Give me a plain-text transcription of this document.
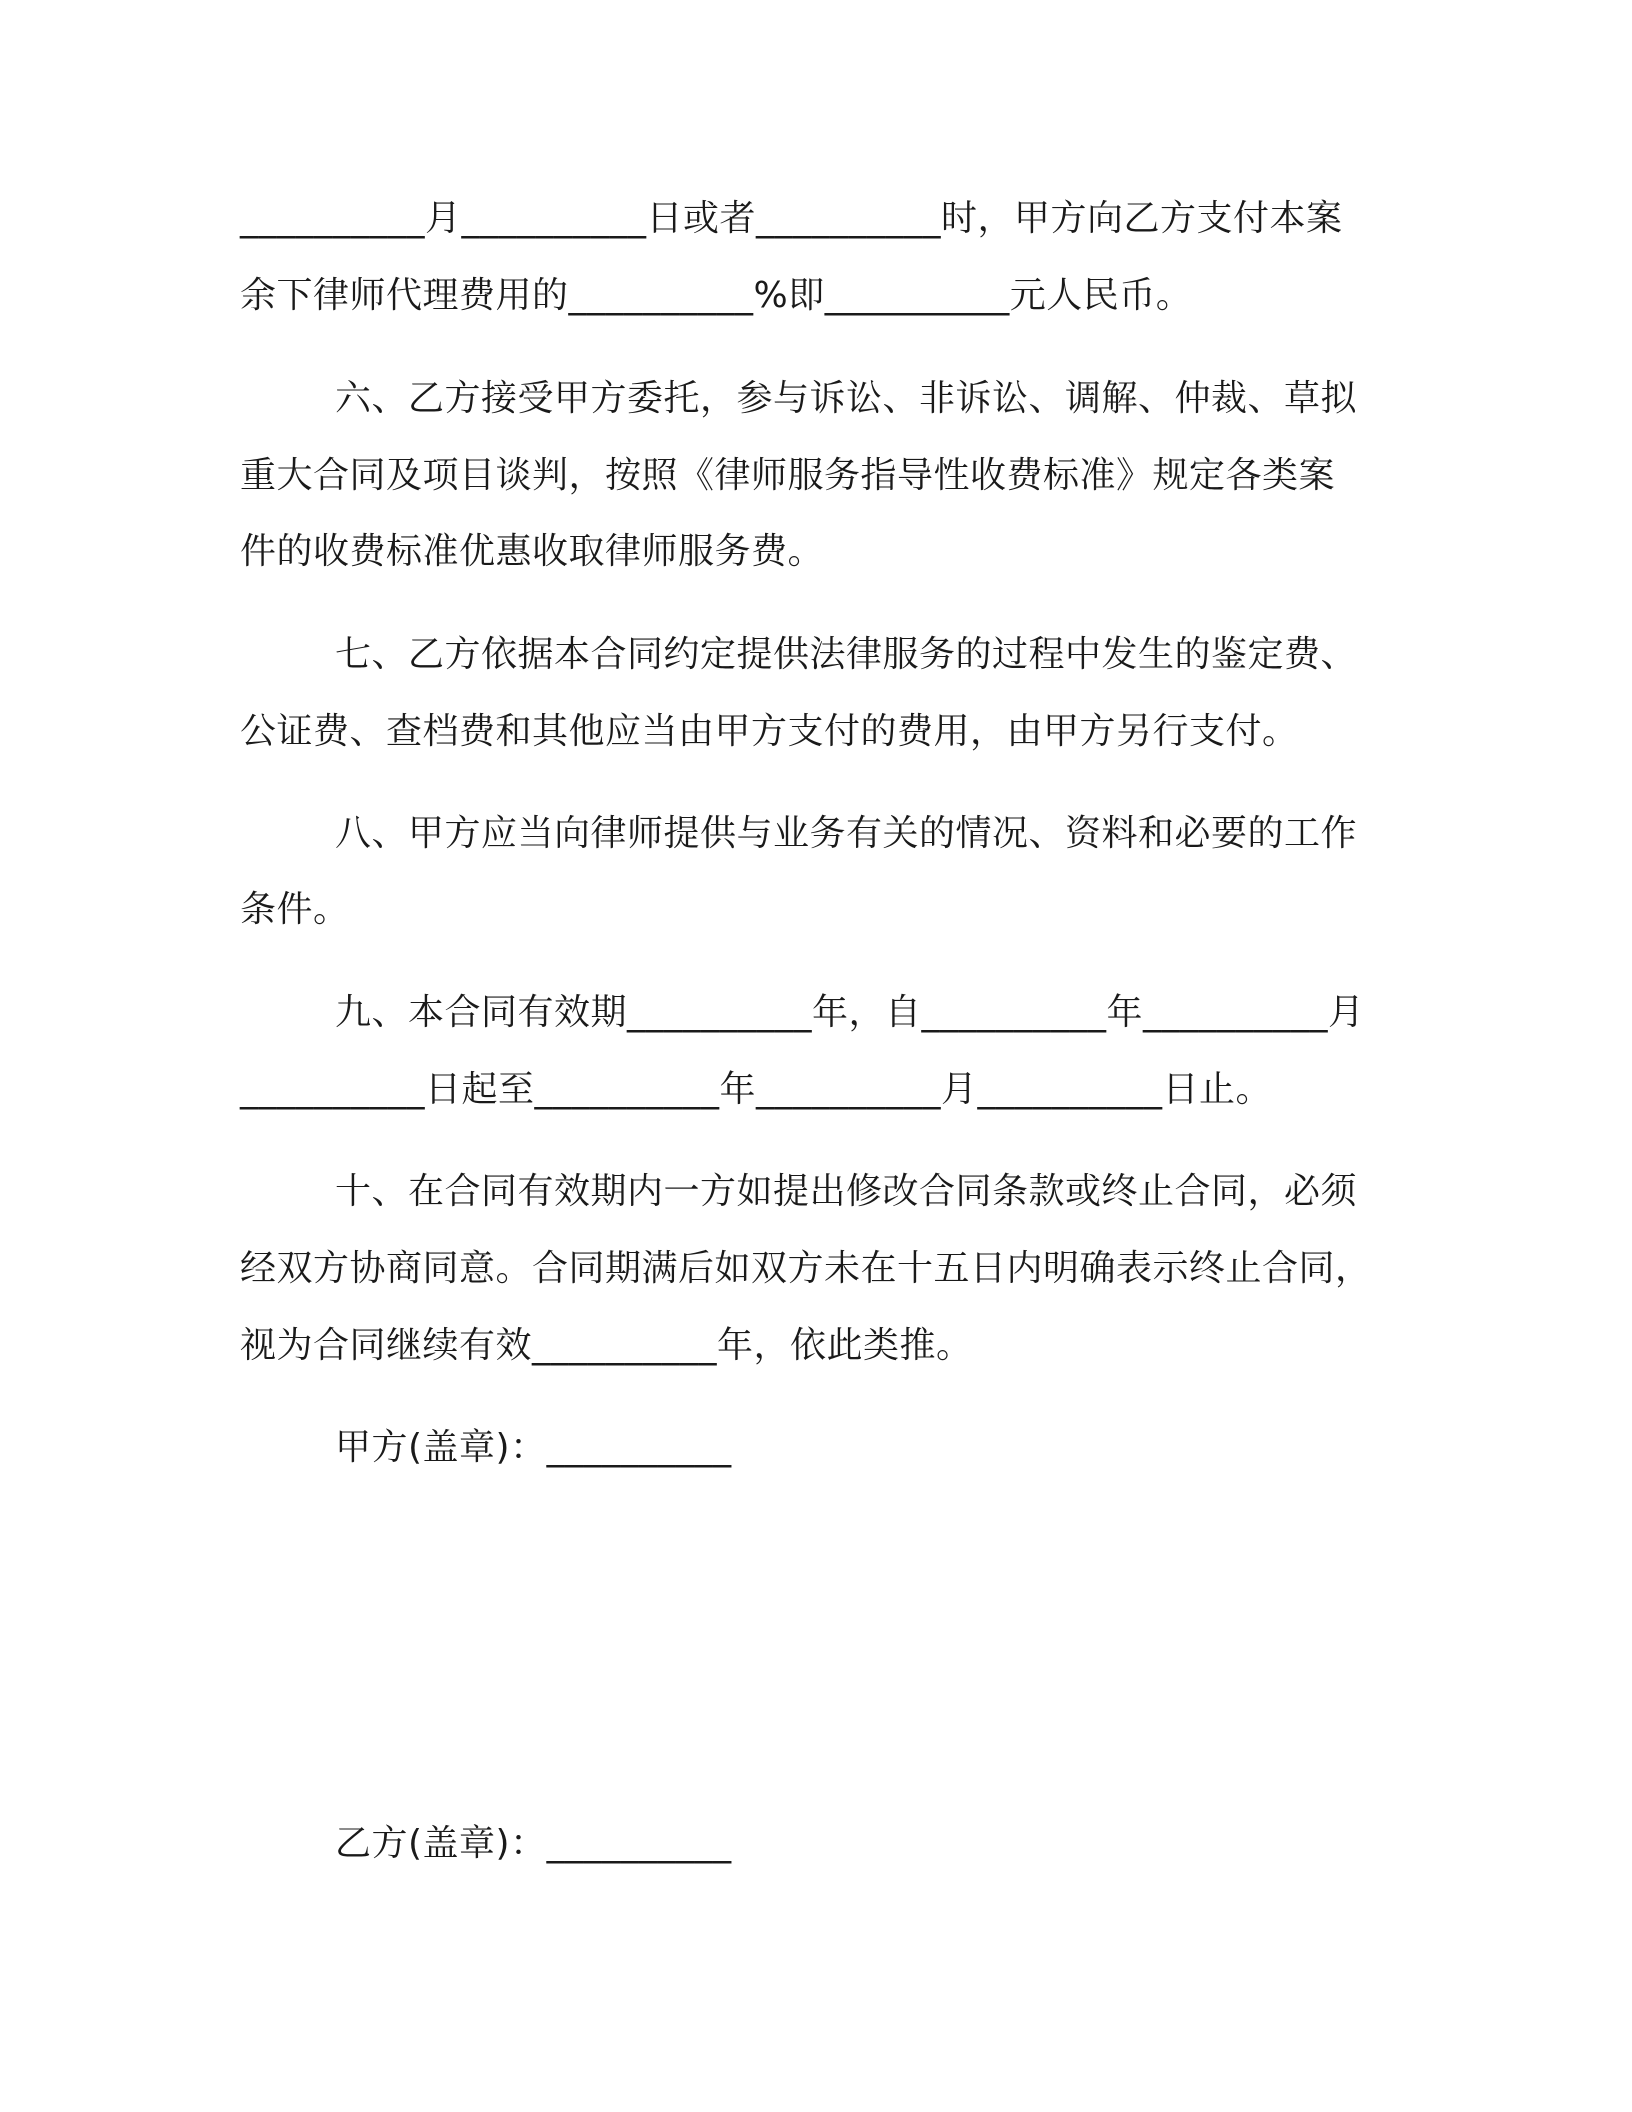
__________月__________日或者__________时，甲方向乙方支付本案
余下律师代理费用的__________%即__________元人民币。
六、乙方接受甲方委托，参与诉讼、非诉讼、调解、仲裁、草拟
重大合同及项目谈判，按照《律师服务指导性收费标准》规定各类案
件的收费标准优惠收取律师服务费。
七、乙方依据本合同约定提供法律服务的过程中发生的鉴定费、
公证费、查档费和其他应当由甲方支付的费用，由甲方另行支付。
八、甲方应当向律师提供与业务有关的情况、资料和必要的工作
条件。
九、本合同有效期__________年，自__________年__________月
__________日起至__________年__________月__________日止。
十、在合同有效期内一方如提出修改合同条款或终止合同，必须
经双方协商同意。合同期满后如双方未在十五日内明确表示终止合同，
视为合同继续有效__________年，依此类推。
甲方(盖章)：__________
乙方(盖章)：__________
